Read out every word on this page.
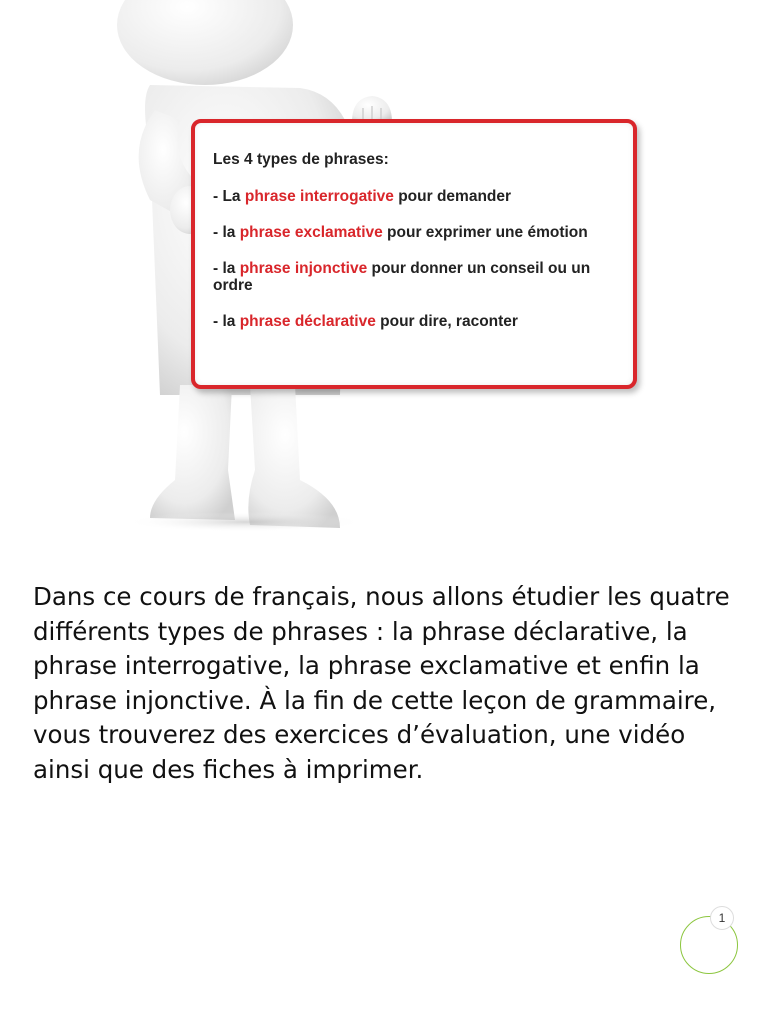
Les 4 types de phrases:

- La phrase interrogative pour demander

- la phrase exclamative pour exprimer une émotion

- la phrase injonctive pour donner un conseil ou un ordre

- la phrase déclarative pour dire, raconter

Dans ce cours de français, nous allons étudier les quatre différents types de phrases : la phrase déclarative, la phrase interrogative, la phrase exclamative et enfin la phrase injonctive. À la fin de cette leçon de grammaire, vous trouverez des exercices d’évaluation, une vidéo ainsi que des fiches à imprimer.

1
